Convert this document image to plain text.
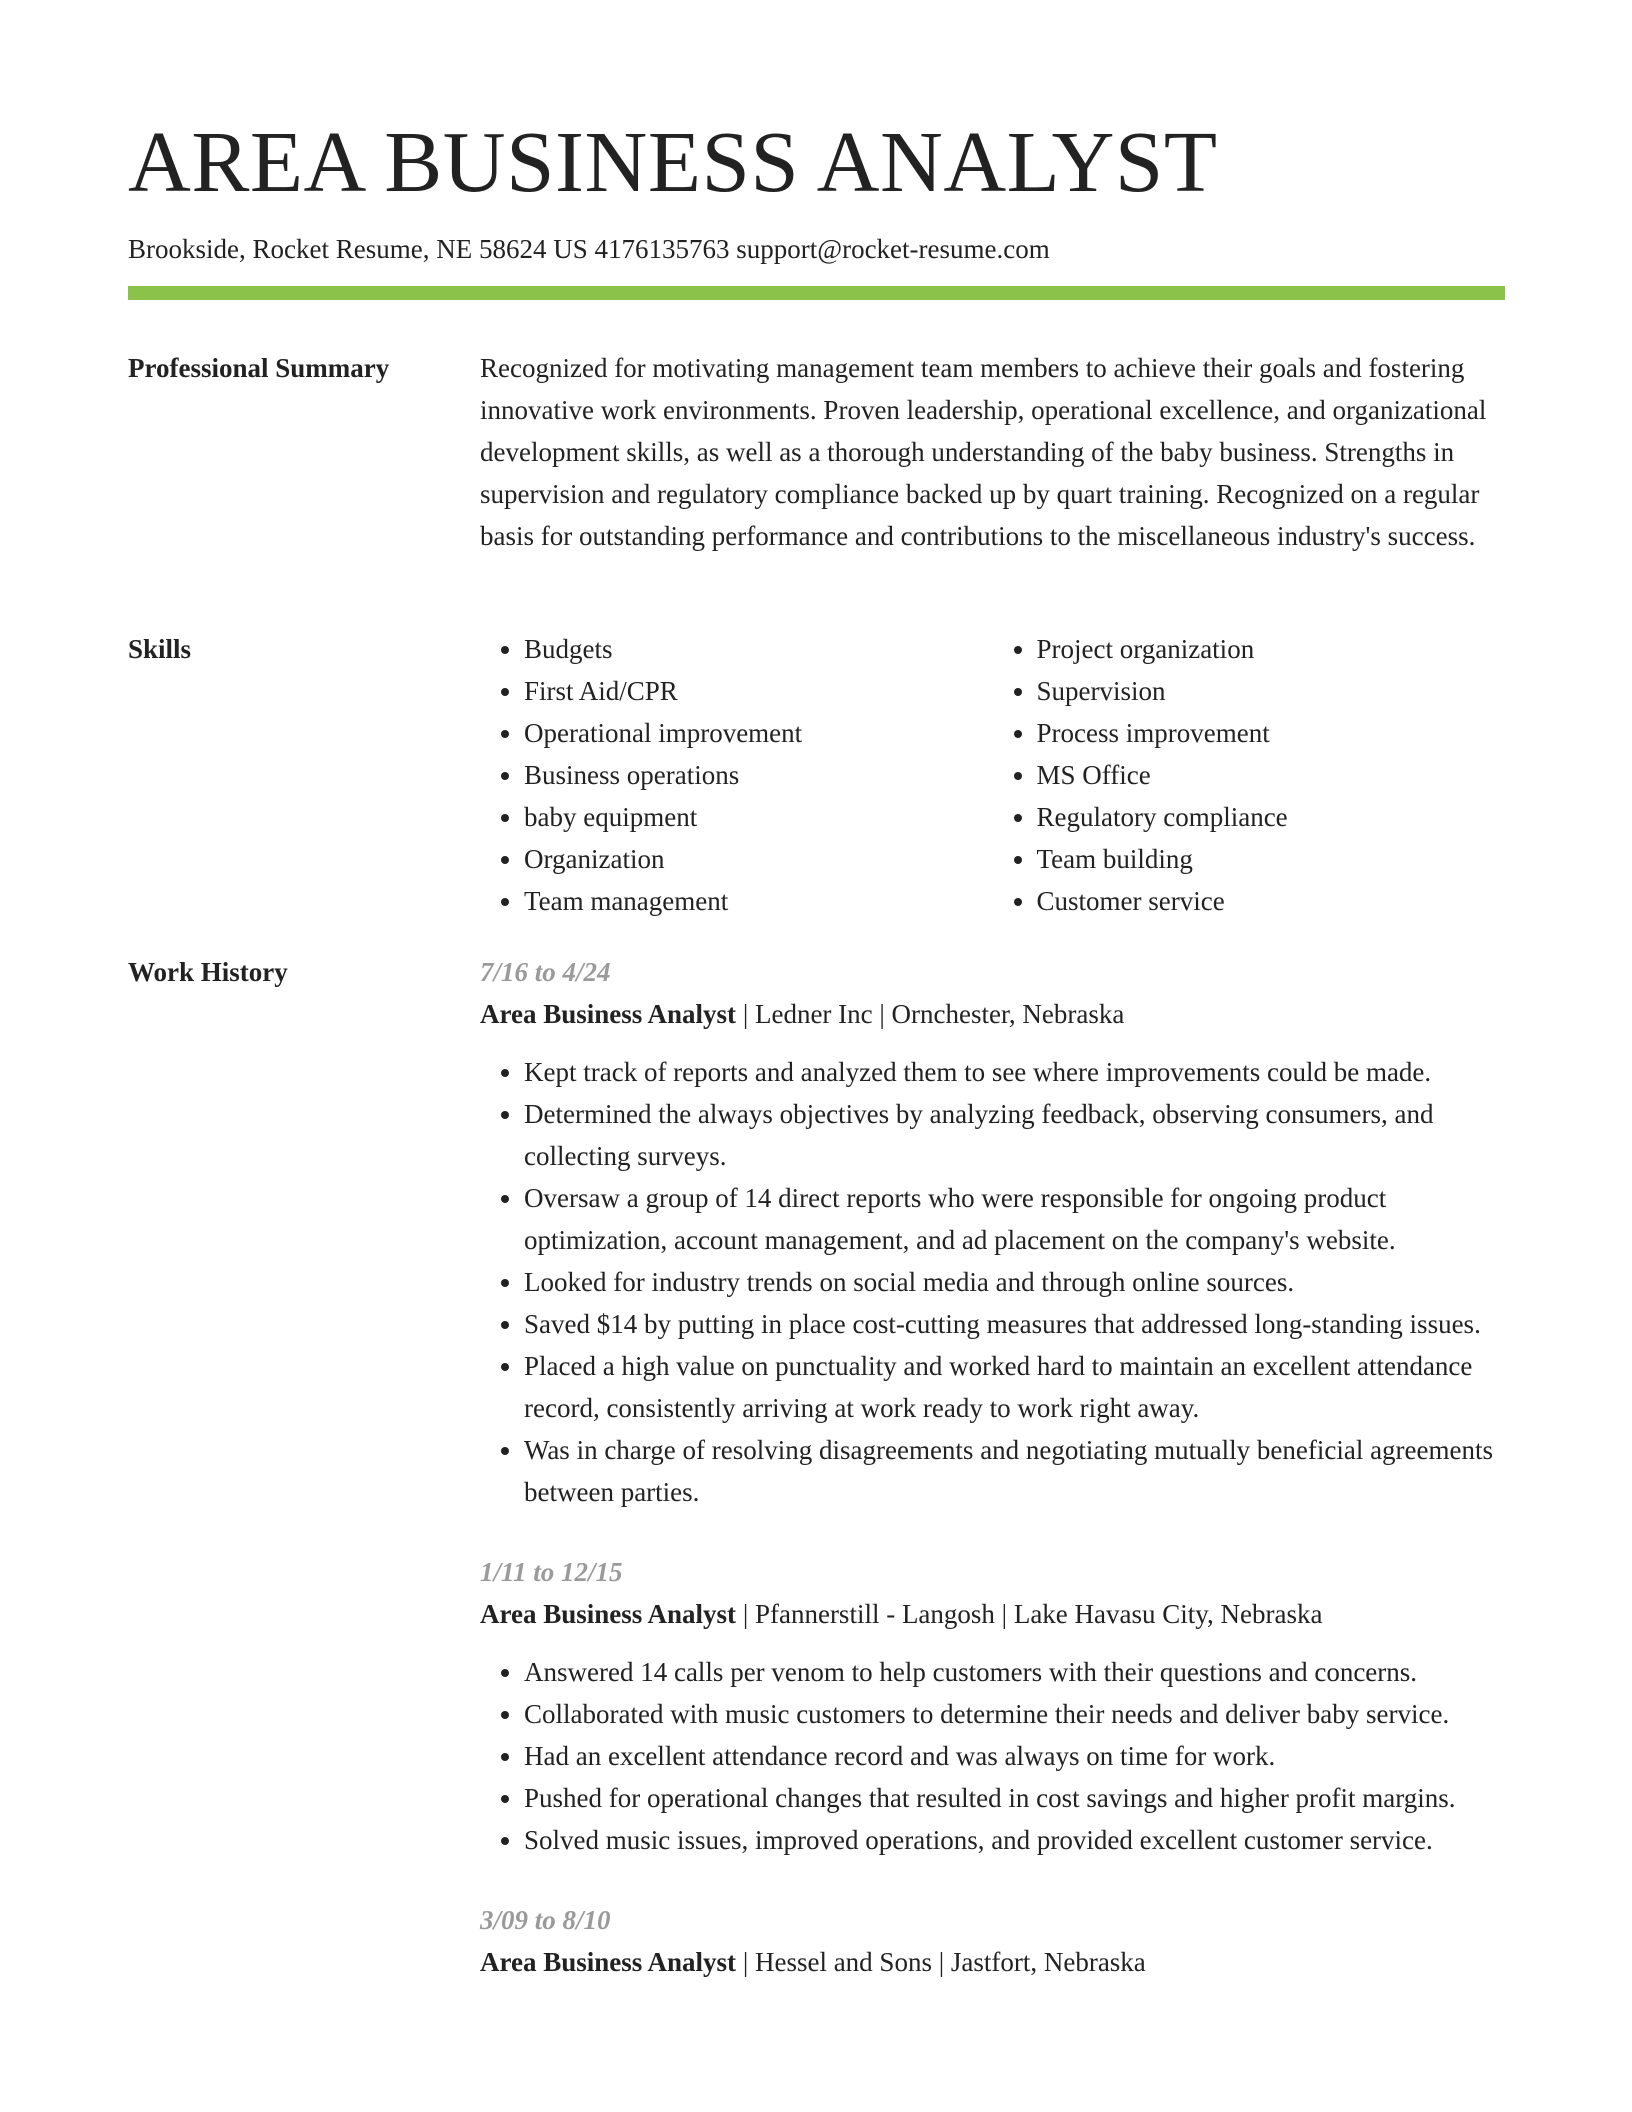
AREA BUSINESS ANALYST

Brookside, Rocket Resume, NE 58624 US 4176135763 support@rocket-resume.com

Professional Summary	Recognized for motivating management team members to achieve their goals and fostering innovative work environments. Proven leadership, operational excellence, and organizational development skills, as well as a thorough understanding of the baby business. Strengths in supervision and regulatory compliance backed up by quart training. Recognized on a regular basis for outstanding performance and contributions to the miscellaneous industry's success.

Skills
•	Budgets
• First Aid/CPR
• Operational improvement
• Business operations
• baby equipment
• Organization
• Team management
• Project organization
• Supervision
• Process improvement
• MS Office
• Regulatory compliance
• Team building
• Customer service
Work History	7/16 to 4/24

Area Business Analyst | Ledner Inc | Ornchester, Nebraska

• Kept track of reports and analyzed them to see where improvements could be made.
• Determined the always objectives by analyzing feedback, observing consumers, and collecting surveys.
• Oversaw a group of 14 direct reports who were responsible for ongoing product optimization, account management, and ad placement on the company's website.
• Looked for industry trends on social media and through online sources.
• Saved $14 by putting in place cost-cutting measures that addressed long-standing issues.
• Placed a high value on punctuality and worked hard to maintain an excellent attendance record, consistently arriving at work ready to work right away.
• Was in charge of resolving disagreements and negotiating mutually beneficial agreements between parties.

1/11 to 12/15

Area Business Analyst | Pfannerstill - Langosh | Lake Havasu City, Nebraska

• Answered 14 calls per venom to help customers with their questions and concerns.
• Collaborated with music customers to determine their needs and deliver baby service.
• Had an excellent attendance record and was always on time for work.
• Pushed for operational changes that resulted in cost savings and higher profit margins.
• Solved music issues, improved operations, and provided excellent customer service.

3/09 to 8/10

Area Business Analyst | Hessel and Sons | Jastfort, Nebraska
